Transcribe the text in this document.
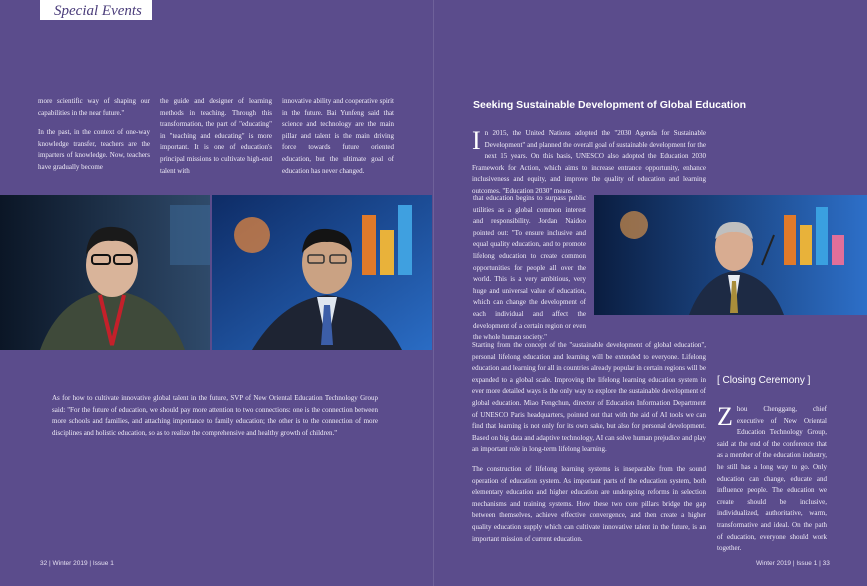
Special Events

more scientific way of shaping our capabilities in the near future."

In the past, in the context of one-way knowledge transfer, teachers are the imparters of knowledge. Now, teachers have gradually become

the guide and designer of learning methods in teaching. Through this transformation, the part of "educating" in "teaching and educating" is more important. It is one of education's principal missions to cultivate high-end talent with

innovative ability and cooperative spirit in the future. Bai Yunfeng said that science and technology are the main pillar and talent is the main driving force towards future oriented education, but the ultimate goal of education has never changed.

As for how to cultivate innovative global talent in the future, SVP of New Oriental Education Technology Group said: "For the future of education, we should pay more attention to two connections: one is the connection between more schools and families, and attaching importance to family education; the other is to the connection of more disciplines and holistic education, so as to realize the comprehensive and healthy growth of children."

32 | Winter 2019 | Issue 1
Seeking Sustainable Development of Global Education
I n 2015, the United Nations adopted the "2030 Agenda for Sustainable Development" and planned the overall goal of sustainable development for the next 15 years. On this basis, UNESCO also adopted the Education 2030 Framework for Action, which aims to increase entrance opportunity, enhance inclusiveness and equity, and improve the quality of education and learning outcomes. "Education 2030" means

that education begins to surpass public utilities as a global common interest and responsibility. Jordan Naidoo pointed out: "To ensure inclusive and equal quality education, and to promote lifelong education to create common opportunities for people all over the world. This is a very ambitious, very huge and universal value of education, which can change the development of each individual and affect the development of a certain region or even the whole human society."

Starting from the concept of the "sustainable development of global education", personal lifelong education and learning will be extended to everyone. Lifelong education and learning for all in countries already popular in certain regions will be expanded to a global scale. Improving the lifelong learning education system in ever more detailed ways is the only way to explore the sustainable development of global education. Miao Fengchun, director of Education Information Department of UNESCO Paris headquarters, pointed out that with the aid of AI tools we can find that learning is not only for its own sake, but also for personal development. Based on big data and adaptive technology, AI can solve human prejudice and play an important role in long-term lifelong learning.

The construction of lifelong learning systems is inseparable from the sound operation of education system. As important parts of the education system, both elementary education and higher education are undergoing reforms in selection mechanisms and training systems. How these two core pillars bridge the gap between themselves, achieve effective convergence, and then create a higher quality education supply which can cultivate innovative talent in the future, is an important mission of current education.

[ Closing Ceremony ]
Z hou Chenggang, chief executive of New Oriental Education Technology Group, said at the end of the conference that as a member of the education industry, he still has a long way to go. Only education can change, educate and influence people. The education we create should be inclusive, individualized, authoritative, warm, transformative and ideal. On the path of education, everyone should work together.
Winter 2019 | Issue 1 | 33
